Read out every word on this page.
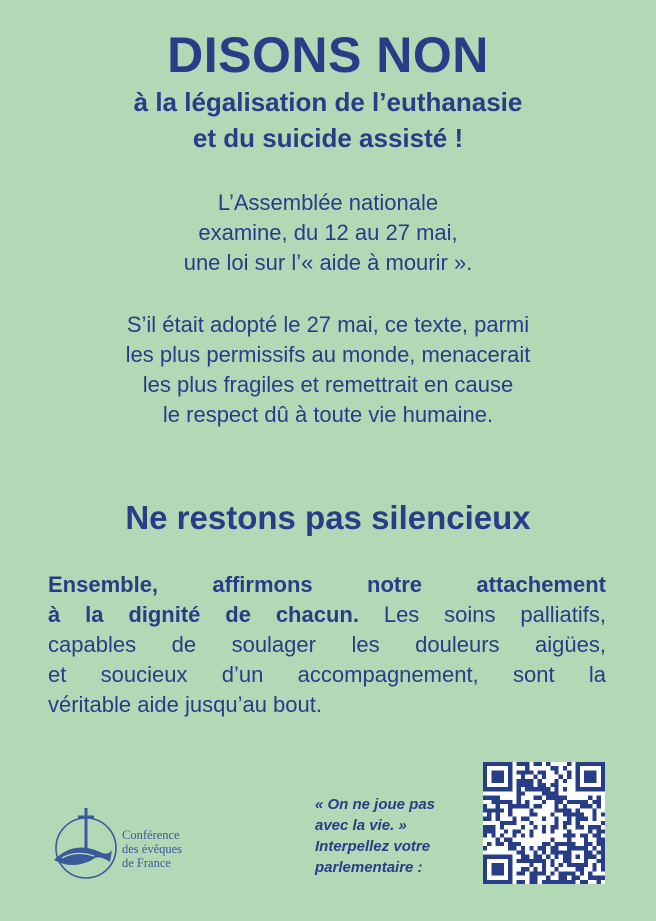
DISONS NON
à la légalisation de l’euthanasie
et du suicide assisté !
L’Assemblée nationale
examine, du 12 au 27 mai,
une loi sur l’« aide à mourir ».
S’il était adopté le 27 mai, ce texte, parmi
les plus permissifs au monde, menacerait
les plus fragiles et remettrait en cause
le respect dû à toute vie humaine.
Ne restons pas silencieux
Ensemble, affirmons notre attachement
à la dignité de chacun. Les soins palliatifs,
capables de soulager les douleurs aigües,
et soucieux d’un accompagnement, sont la
véritable aide jusqu’au bout.
Conférence
des évêques
de France
« On ne joue pas
avec la vie. »
Interpellez votre
parlementaire :
